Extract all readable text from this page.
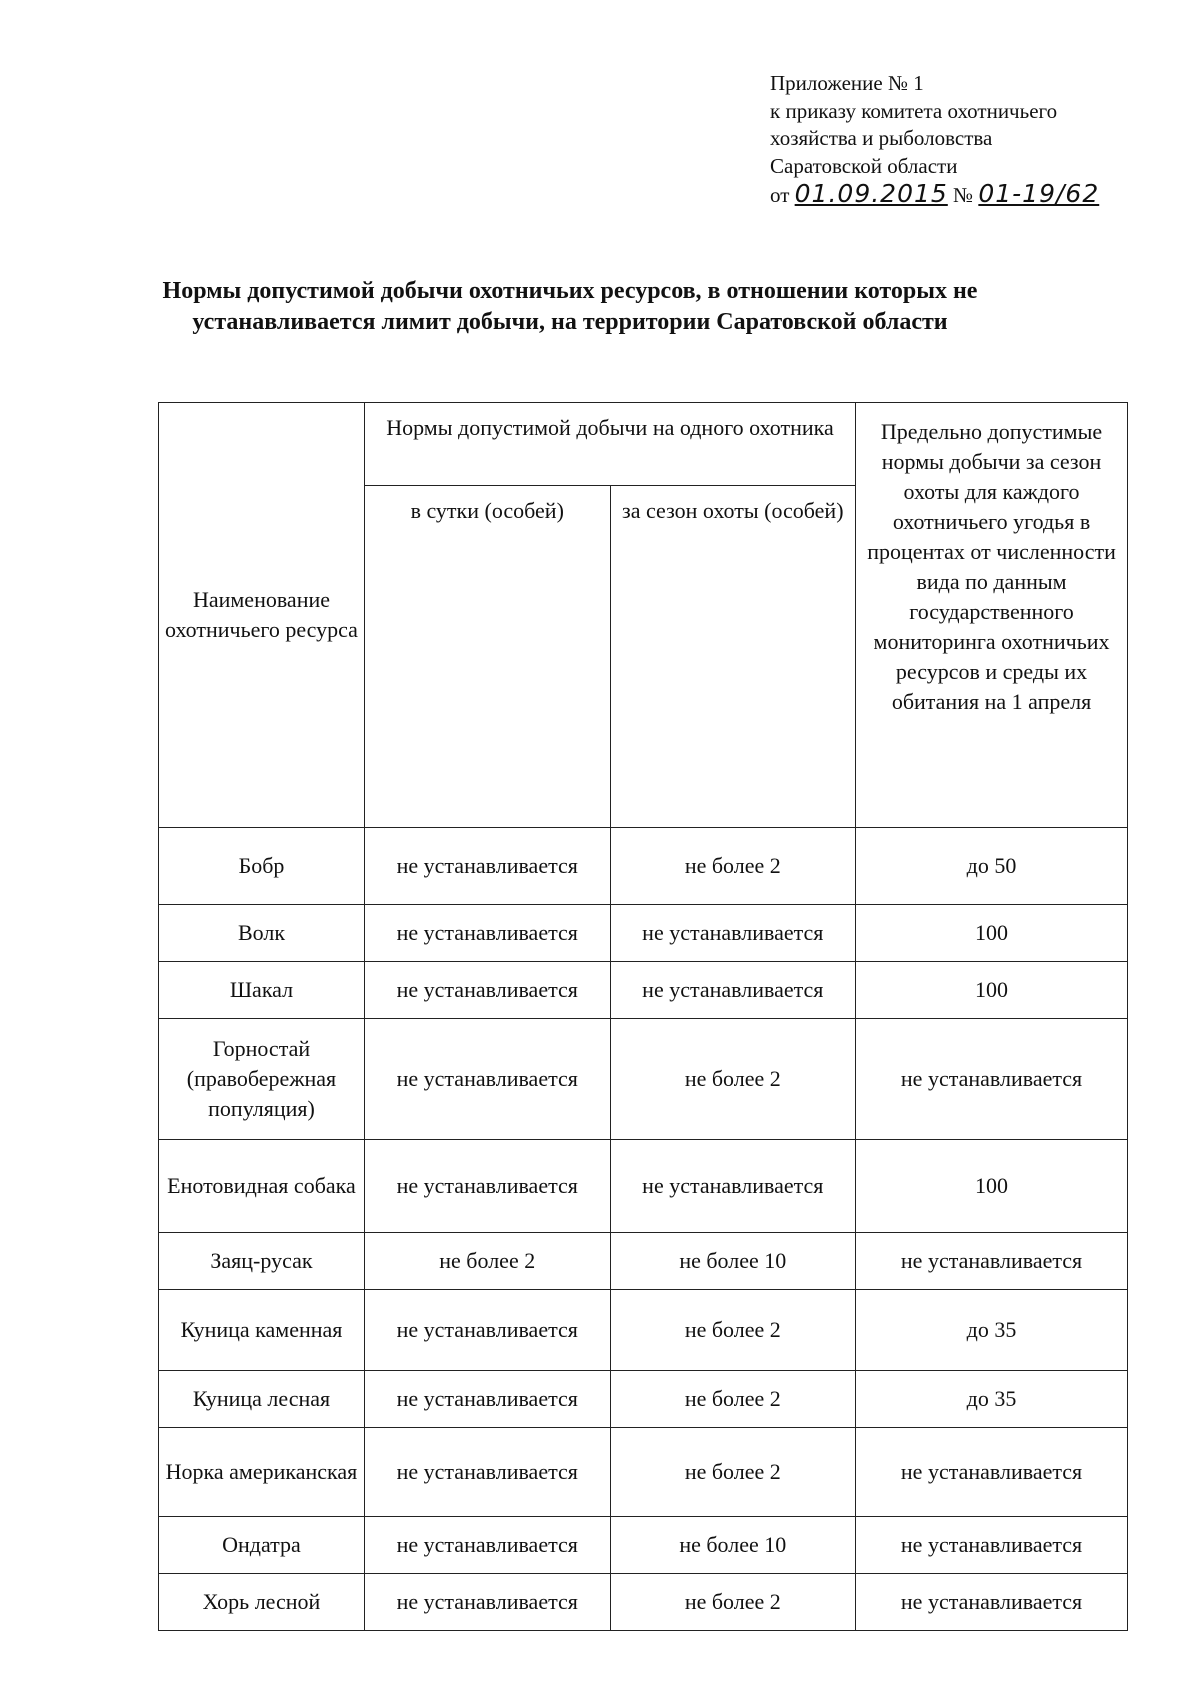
Приложение № 1
к приказу комитета охотничьего
хозяйства и рыболовства
Саратовской области
от 01.09.2015 № 01-19/62
Нормы допустимой добычи охотничьих ресурсов, в отношении которых не устанавливается лимит добычи, на территории Саратовской области
Наименование охотничьего ресурса	Нормы допустимой добычи на одного охотника		Предельно допустимые нормы добычи за сезон охоты для каждого охотничьего угодья в процентах от численности вида по данным государственного мониторинга охотничьих ресурсов и среды их обитания на 1 апреля
	в сутки (особей)	за сезон охоты (особей)	
Бобр	не устанавливается	не более 2	до 50
Волк	не устанавливается	не устанавливается	100
Шакал	не устанавливается	не устанавливается	100
Горностай (правобережная популяция)	не устанавливается	не более 2	не устанавливается
Енотовидная собака	не устанавливается	не устанавливается	100
Заяц-русак	не более 2	не более 10	не устанавливается
Куница каменная	не устанавливается	не более 2	до 35
Куница лесная	не устанавливается	не более 2	до 35
Норка американская	не устанавливается	не более 2	не устанавливается
Ондатра	не устанавливается	не более 10	не устанавливается
Хорь лесной	не устанавливается	не более 2	не устанавливается
